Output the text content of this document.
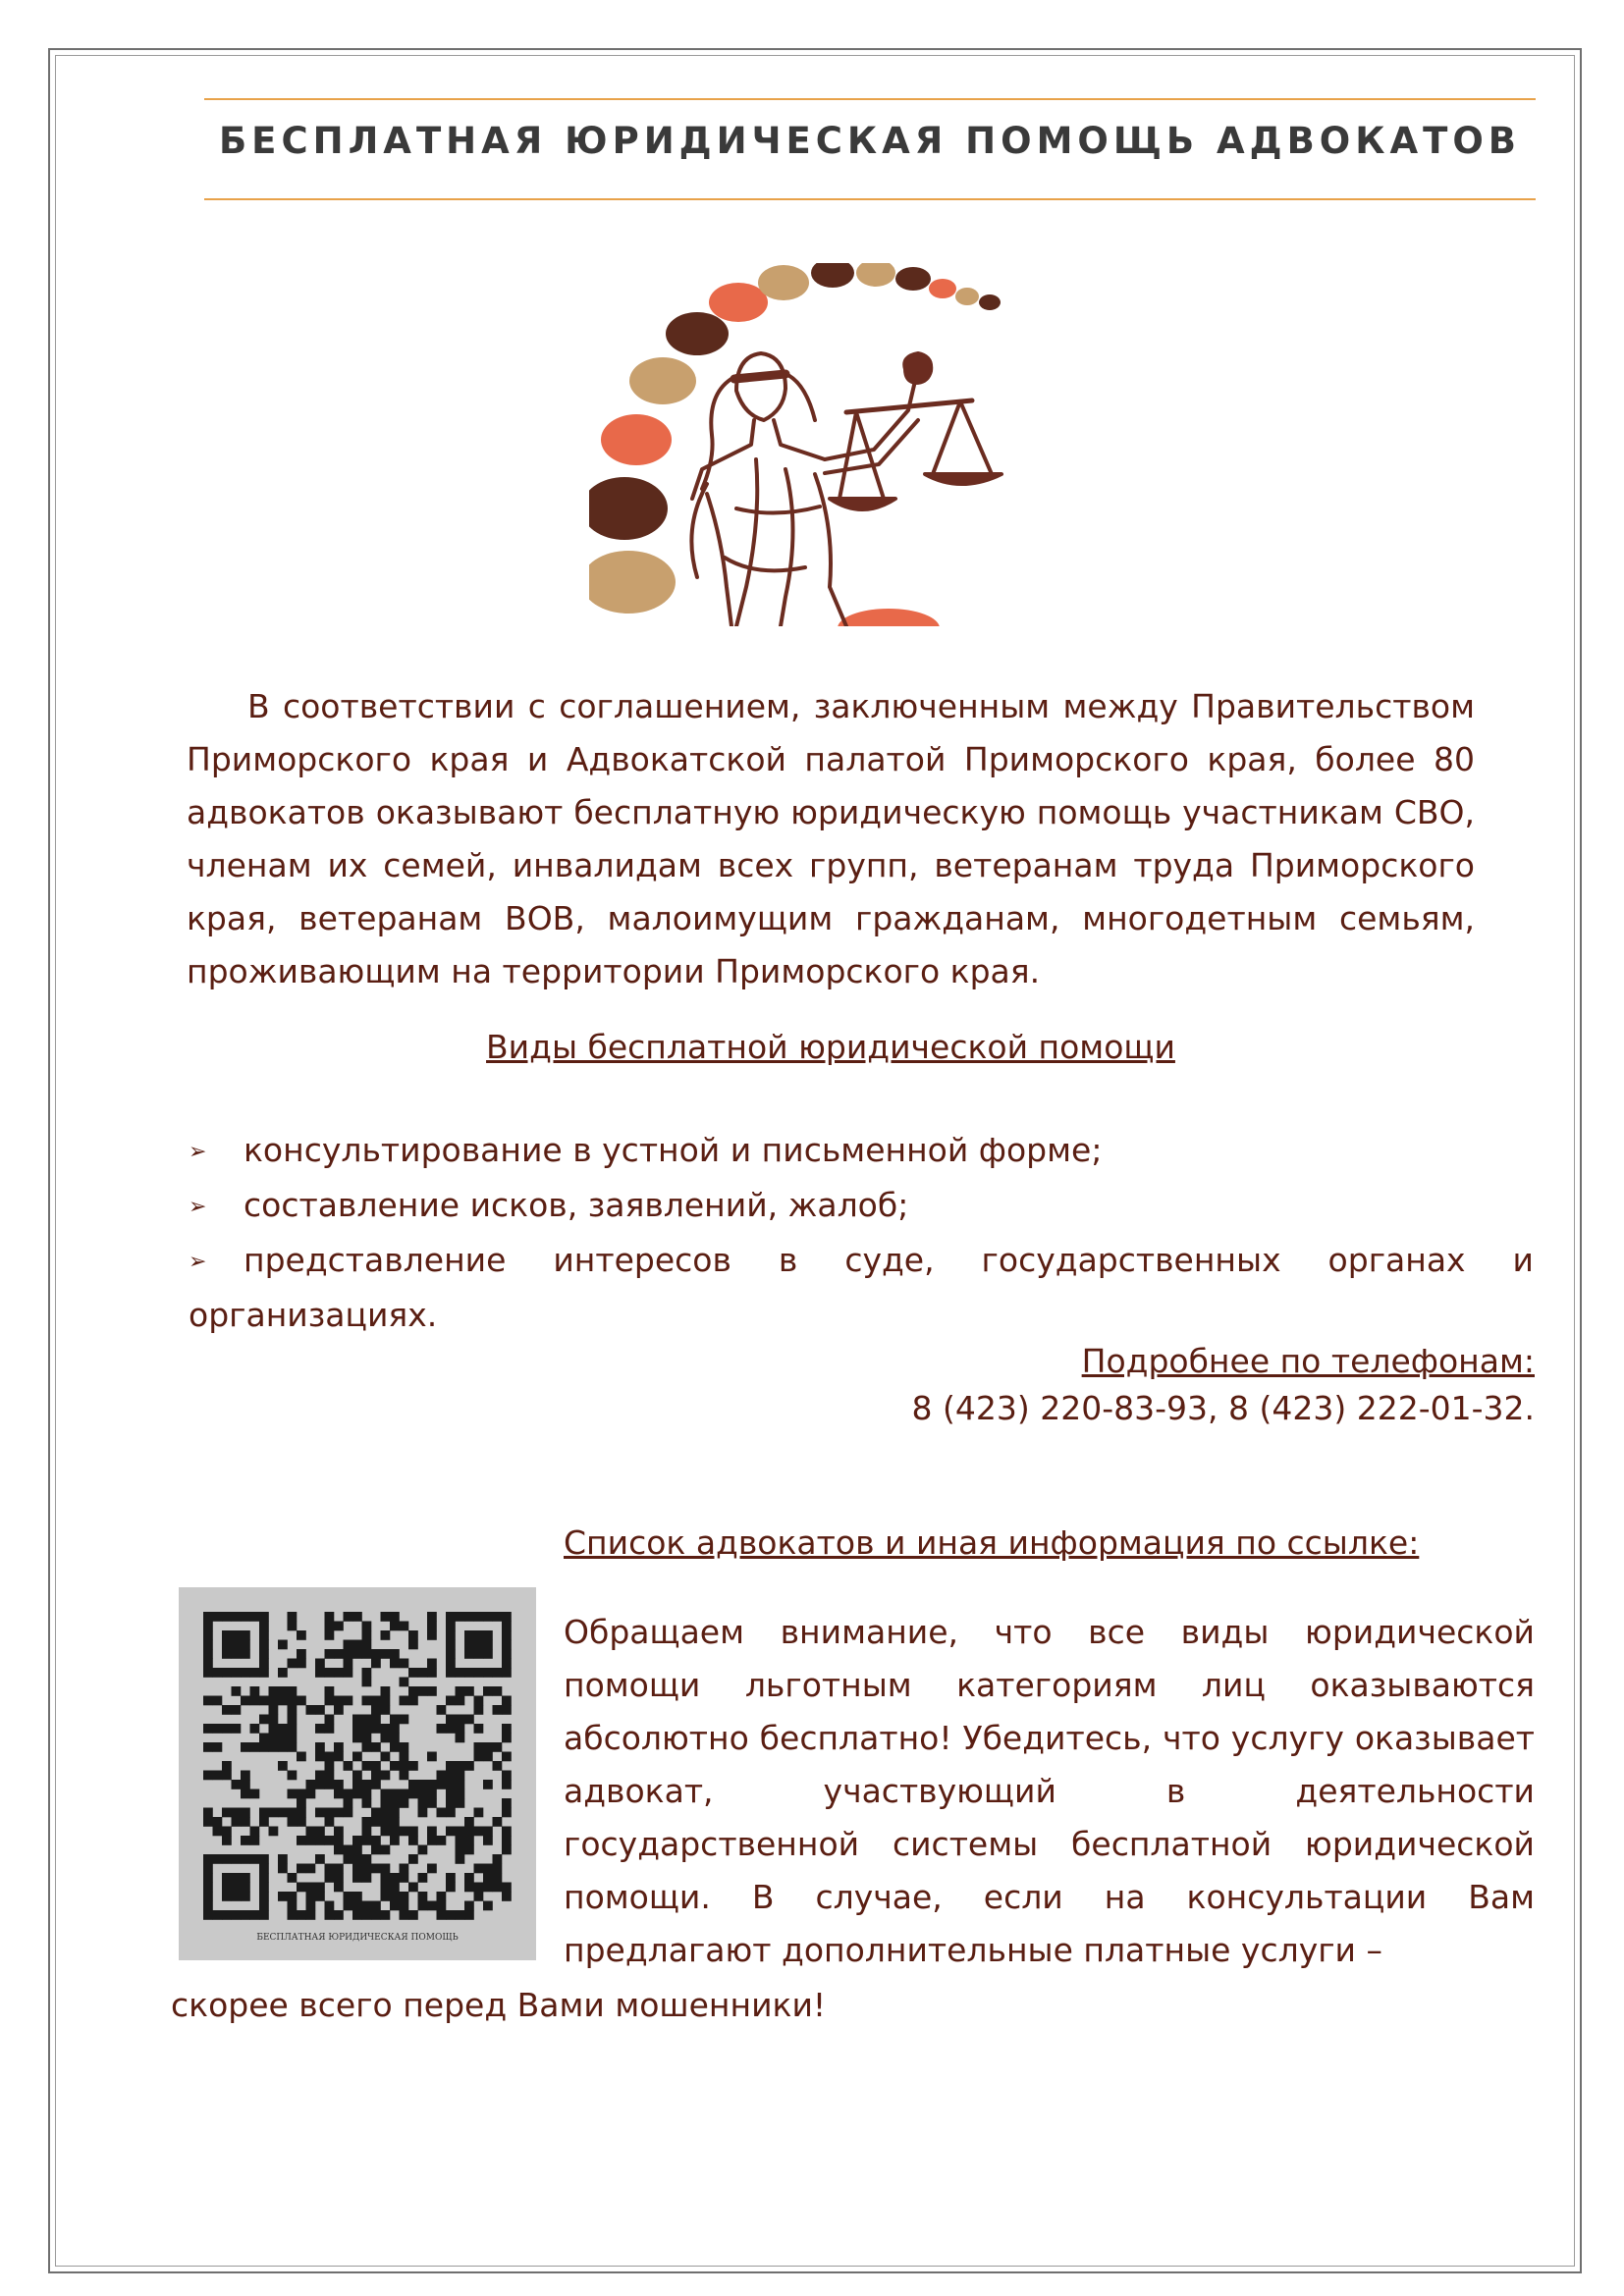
БЕСПЛАТНАЯ ЮРИДИЧЕСКАЯ ПОМОЩЬ АДВОКАТОВ

В соответствии с соглашением, заключенным между Правительством Приморского края и Адвокатской палатой Приморского края, более 80 адвокатов оказывают бесплатную юридическую помощь участникам СВО, членам их семей, инвалидам всех групп, ветеранам труда Приморского края, ветеранам ВОВ, малоимущим гражданам, многодетным семьям, проживающим на территории Приморского края.

Виды бесплатной юридической помощи

➢ консультирование в устной и письменной форме;
➢ составление исков, заявлений, жалоб;
➢ представление интересов в суде, государственных органах и организациях.

Подробнее по телефонам:

8 (423) 220-83-93, 8 (423) 222-01-32.

Список адвокатов и иная информация по ссылке:

БЕСПЛАТНАЯ ЮРИДИЧЕСКАЯ ПОМОЩЬ

Обращаем внимание, что все виды юридической помощи льготным категориям лиц оказываются абсолютно бесплатно! Убедитесь, что услугу оказывает адвокат, участвующий в деятельности государственной системы бесплатной юридической помощи. В случае, если на консультации Вам предлагают дополнительные платные услуги –

скорее всего перед Вами мошенники!
